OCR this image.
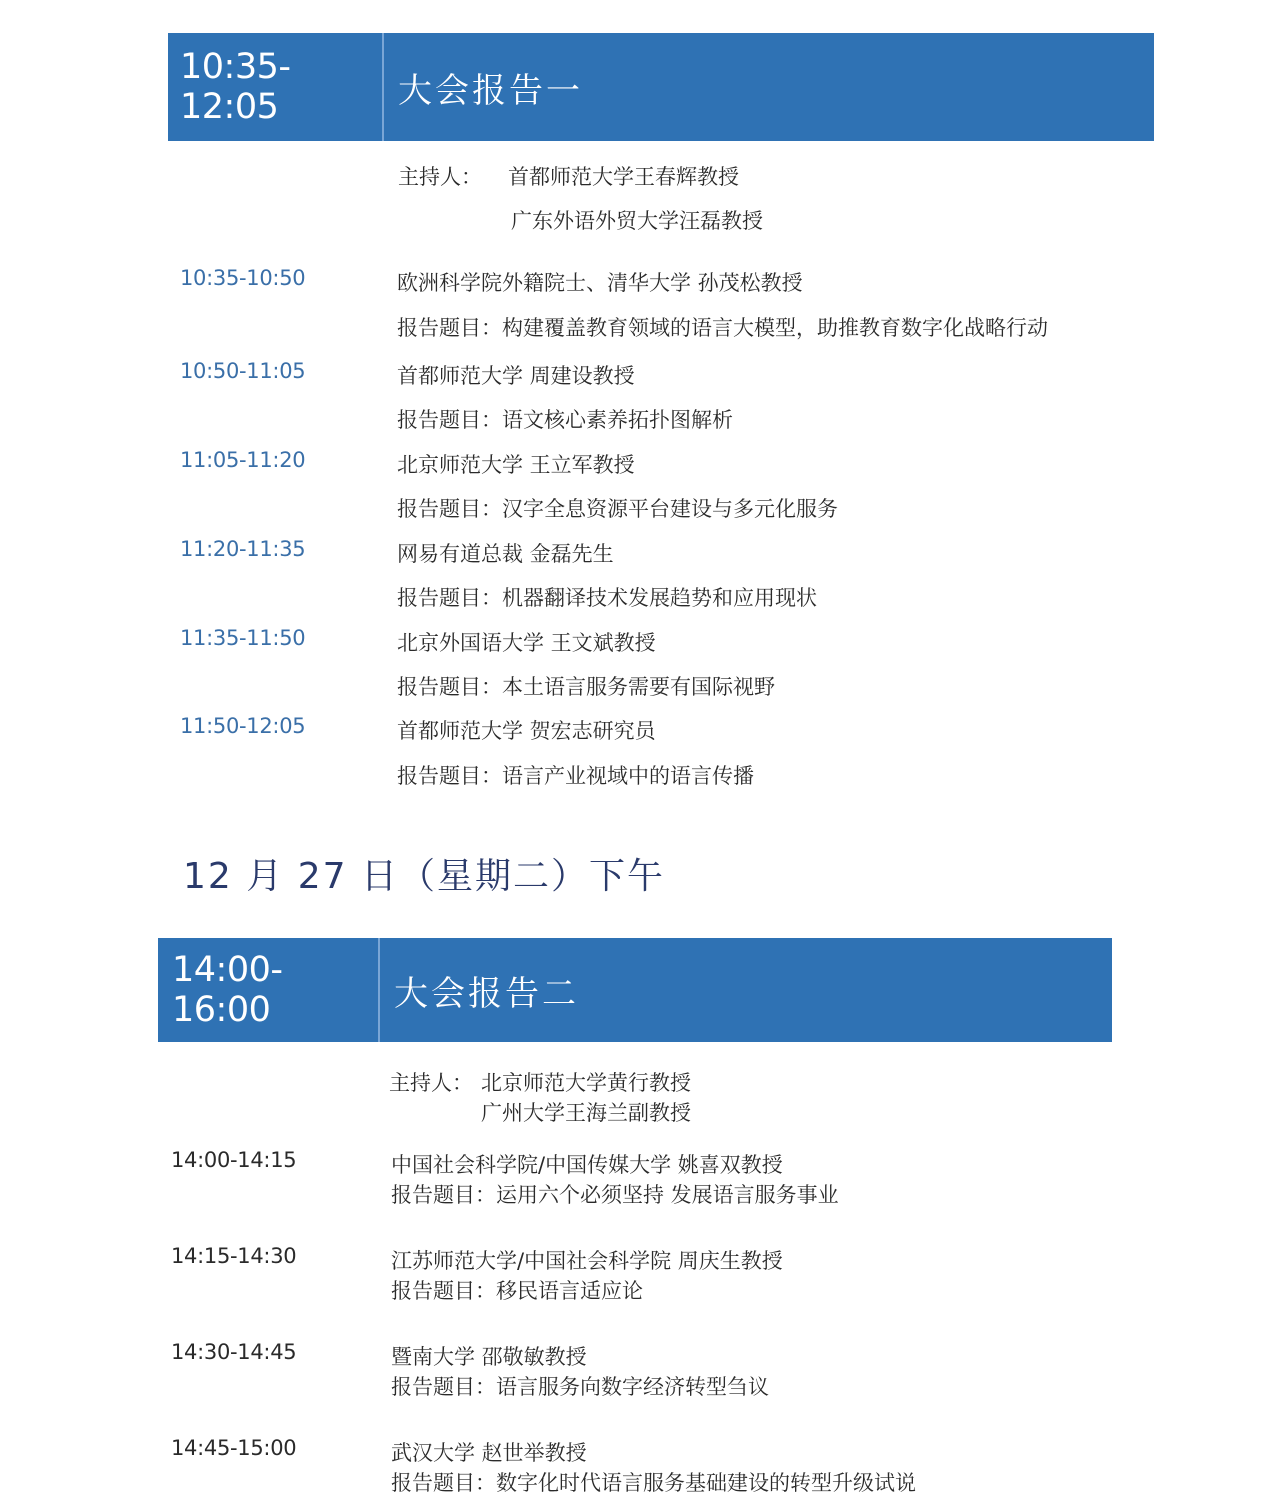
10:35-12:05	大会报告一
主持人： 首都师范大学王春辉教授
广东外语外贸大学汪磊教授
10:35-10:50	欧洲科学院外籍院士、清华大学 孙茂松教授
报告题目：构建覆盖教育领域的语言大模型，助推教育数字化战略行动
10:50-11:05	首都师范大学 周建设教授
报告题目：语文核心素养拓扑图解析
11:05-11:20	北京师范大学 王立军教授
报告题目：汉字全息资源平台建设与多元化服务
11:20-11:35	网易有道总裁 金磊先生
报告题目：机器翻译技术发展趋势和应用现状
11:35-11:50	北京外国语大学 王文斌教授
报告题目：本土语言服务需要有国际视野
11:50-12:05	首都师范大学 贺宏志研究员
报告题目：语言产业视域中的语言传播
12 月 27 日（星期二）下午
14:00-16:00	大会报告二
主持人： 北京师范大学黄行教授
广州大学王海兰副教授
14:00-14:15	中国社会科学院/中国传媒大学 姚喜双教授
报告题目：运用六个必须坚持 发展语言服务事业
14:15-14:30	江苏师范大学/中国社会科学院 周庆生教授
报告题目：移民语言适应论
14:30-14:45	暨南大学 邵敬敏教授
报告题目：语言服务向数字经济转型刍议
14:45-15:00	武汉大学 赵世举教授
报告题目：数字化时代语言服务基础建设的转型升级试说
